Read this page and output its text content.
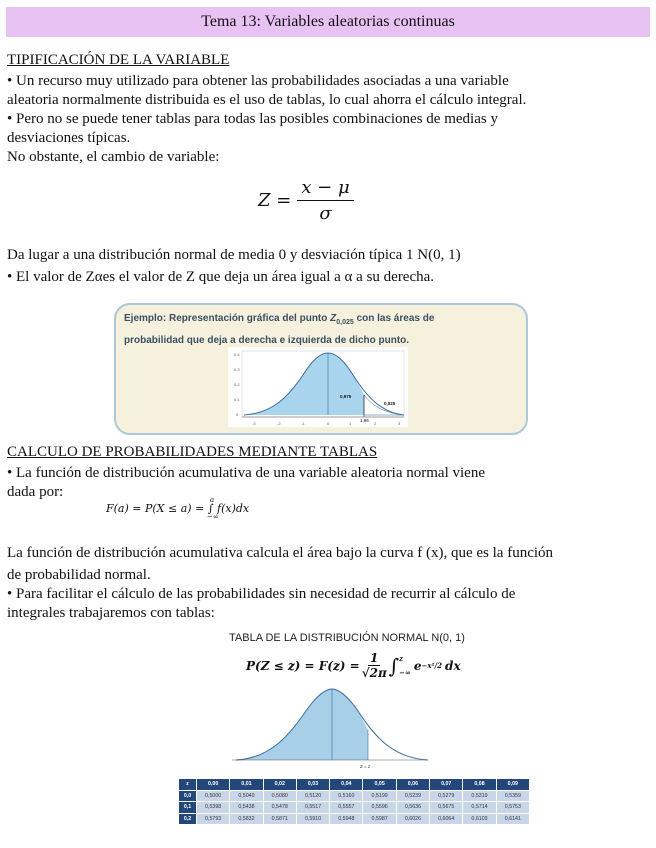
Tema 13: Variables aleatorias continuas
TIPIFICACIÓN DE LA VARIABLE
• Un recurso muy utilizado para obtener las probabilidades asociadas a una variable
aleatoria normalmente distribuida es el uso de tablas, lo cual ahorra el cálculo integral.
• Pero no se puede tener tablas para todas las posibles combinaciones de medias y
desviaciones típicas.
No obstante, el cambio de variable:
$Z = \frac{x - \mu}{\sigma}$
Da lugar a una distribución normal de media 0 y desviación típica 1 N(0, 1)
• El valor de Zαes el valor de Z que deja un área igual a α a su derecha.
Ejemplo: Representación gráfica del punto $Z_{0,025}$ con las áreas de
probabilidad que deja a derecha e izquierda de dicho punto.
0.4
0.3
0.2
0.1
0
0,975
0,025
1,96
-3	-2	-1	0	1	2	3
CALCULO DE PROBABILIDADES MEDIANTE TABLAS
• La función de distribución acumulativa de una variable aleatoria normal viene
dada por:
F(a) = P(X ≤ a) = ∫ f(x)dx
a
−∞
La función de distribución acumulativa calcula el área bajo la curva f (x), que es la función
de probabilidad normal.
• Para facilitar el cálculo de las probabilidades sin necesidad de recurrir al cálculo de
integrales trabajaremos con tablas:
TABLA DE LA DISTRIBUCIÓN NORMAL N(0, 1)
$P(Z \le z) = F(z) = \frac{1}{√2\pi}$ ∫ z
−∞ e −x²/2 dx
Z = z
z	0,00	0,01	0,02	0,03	0,04	0,05	0,06	0,07	0,08	0,09
0,0	0,5000	0,5040	0,5080	0,5120	0,5160	0,5199	0,5239	0,5279	0,5319	0,5359
0,1	0,5398	0,5438	0,5478	0,5517	0,5557	0,5596	0,5636	0,5675	0,5714	0,5753
0,2	0,5793	0,5832	0,5871	0,5910	0,5948	0,5987	0,6026	0,6064	0,6103	0,6141
